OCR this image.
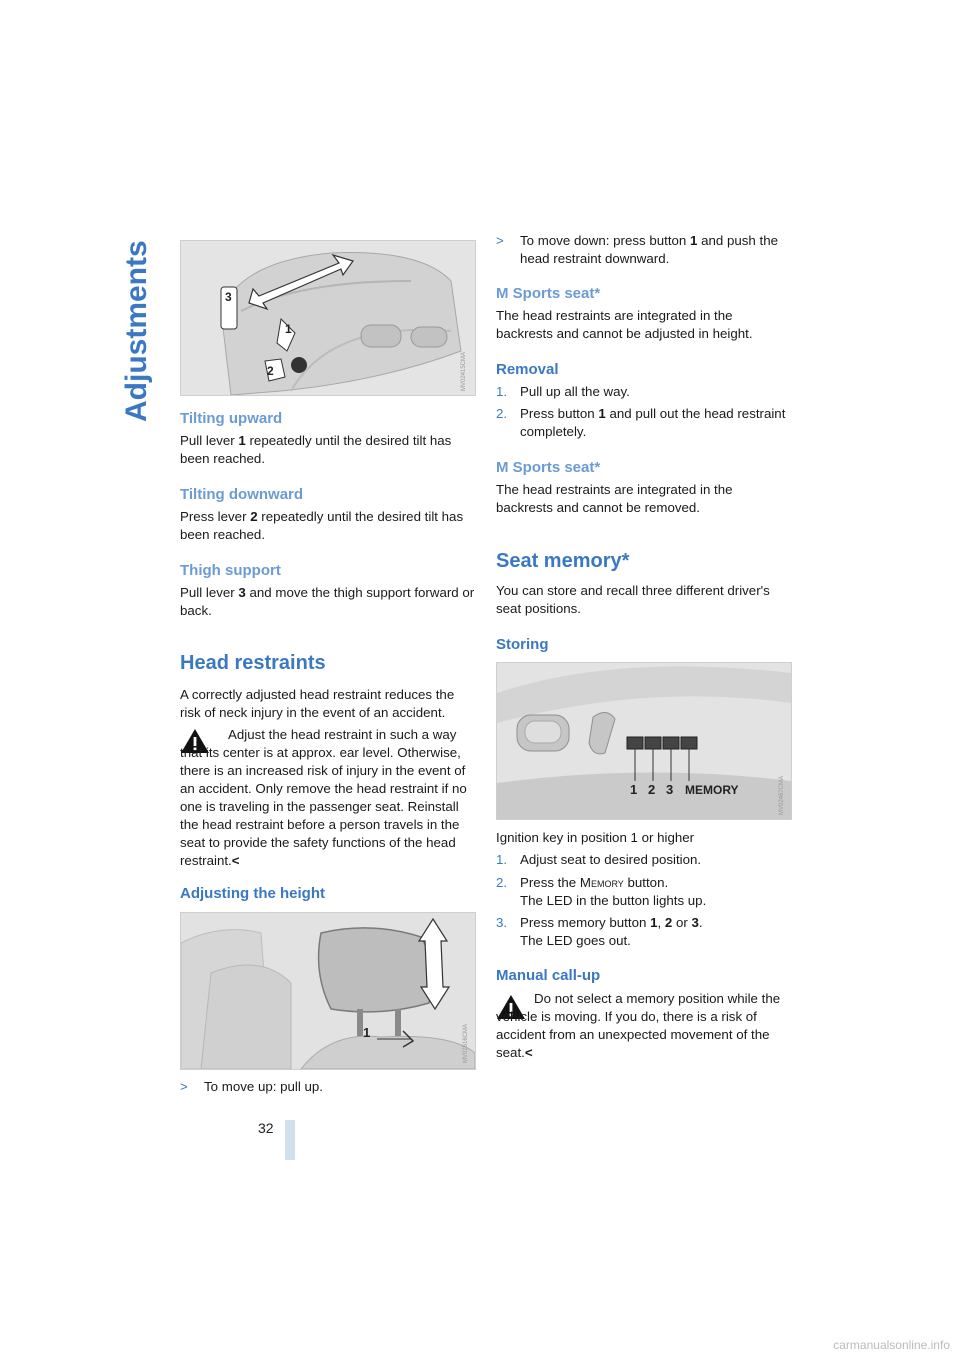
Adjustments	3
1
2	MV02415CMA

Tilting upward

Pull lever 1 repeatedly until the desired tilt has been reached.

Tilting downward

Press lever 2 repeatedly until the desired tilt has been reached.

Thigh support

Pull lever 3 and move the thigh support forward or back.

Head restraints

A correctly adjusted head restraint reduces the risk of neck injury in the event of an accident.
Adjust the head restraint in such a way that its center is at approx. ear level. Otherwise, there is an increased risk of injury in the event of an accident. Only remove the head restraint if no one is traveling in the passenger seat. Reinstall the head restraint before a person travels in the seat to provide the safety functions of the head restraint.<

Adjusting the height

1	MV02516CMA
> To move up: pull up.
> To move down: press button 1 and push the head restraint downward.

M Sports seat*

The head restraints are integrated in the backrests and cannot be adjusted in height.

Removal

1. Pull up all the way.
2. Press button 1 and pull out the head restraint completely.

M Sports seat*

The head restraints are integrated in the backrests and cannot be removed.

Seat memory*

You can store and recall three different driver's seat positions.

Storing

1 2 3 MEMORY	MV02467CMA
Ignition key in position 1 or higher
1. Adjust seat to desired position.
2. Press the Memory button.
The LED in the button lights up.
3. Press memory button 1, 2 or 3.
The LED goes out.

Manual call-up

Do not select a memory position while the vehicle is moving. If you do, there is a risk of accident from an unexpected movement of the seat.<
32
carmanualsonline.info
